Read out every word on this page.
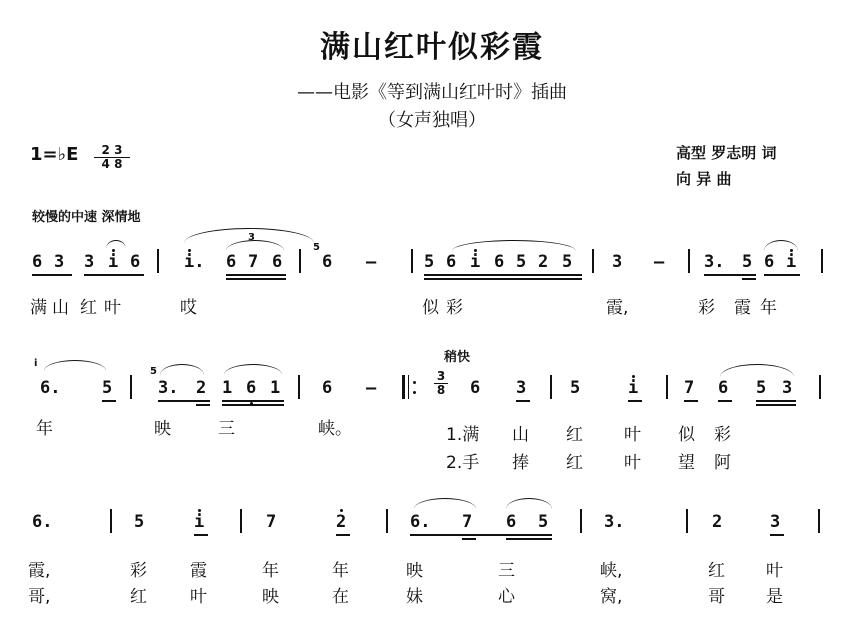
满山红叶似彩霞
——电影《等到满山红叶时》插曲
（女声独唱）
1=♭E	2 3
4 8
高型 罗志明 词
向 异 曲
较慢的中速 深情地
6 3 3 i 6	i. 6 7 6
5
6 –	5 6 i 6 5 2 5 3 – 3. 5 6 i
3
满 山 红 叶	哎	似 彩	霞,	彩 霞 年
稍快
i
6. 5
5
3. 2 1 6 1 6 –
3
8 6 3	5	i	7 6 5 3
年	映	三	峡。	1.满 山 红 叶 似 彩
2.手 捧 红 叶 望 阿
6.	5	i	7	2	6. 7 6 5	3.	2	3
霞,	彩	霞	年	年	映	三	峡,	红 叶
哥,	红	叶	映	在	妹	心	窝,	哥 是
